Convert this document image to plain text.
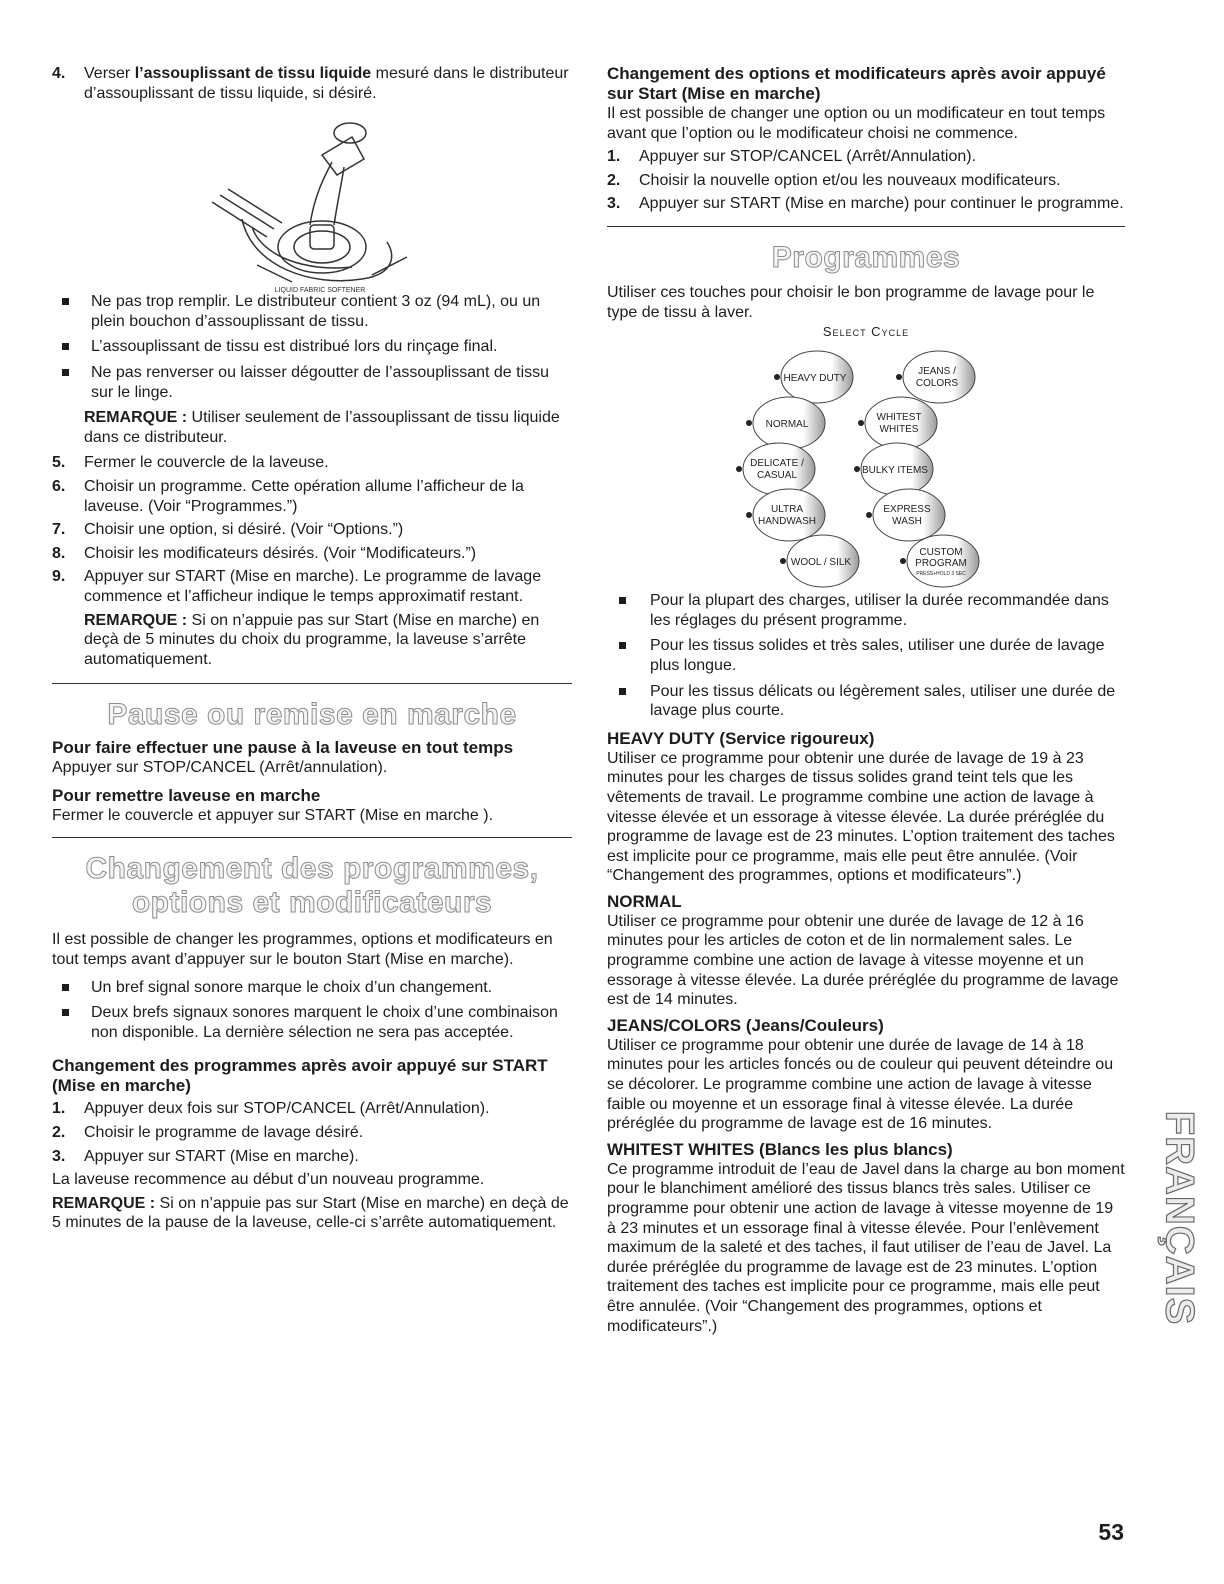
4.	Verser l’assouplissant de tissu liquide mesuré dans le distributeur d’assouplissant de tissu liquide, si désiré.
LIQUID FABRIC SOFTENER
Ne pas trop remplir. Le distributeur contient 3 oz (94 mL), ou un plein bouchon d’assouplissant de tissu.
L’assouplissant de tissu est distribué lors du rinçage final.
Ne pas renverser ou laisser dégoutter de l’assouplissant de tissu sur le linge.

REMARQUE : Utiliser seulement de l’assouplissant de tissu liquide dans ce distributeur.

5.	Fermer le couvercle de la laveuse.
6.	Choisir un programme. Cette opération allume l’afficheur de la laveuse. (Voir “Programmes.”)
7.	Choisir une option, si désiré. (Voir “Options.”)
8.	Choisir les modificateurs désirés. (Voir “Modificateurs.”)
9.	Appuyer sur START (Mise en marche). Le programme de lavage commence et l’afficheur indique le temps approximatif restant.

REMARQUE : Si on n’appuie pas sur Start (Mise en marche) en deçà de 5 minutes du choix du programme, la laveuse s’arrête automatiquement.

Pause ou remise en marche

Pour faire effectuer une pause à la laveuse en tout temps

Appuyer sur STOP/CANCEL (Arrêt/annulation).

Pour remettre laveuse en marche

Fermer le couvercle et appuyer sur START (Mise en marche ).

Changement des programmes,
options et modificateurs

Il est possible de changer les programmes, options et modificateurs en tout temps avant d’appuyer sur le bouton Start (Mise en marche).

Un bref signal sonore marque le choix d’un changement.
Deux brefs signaux sonores marquent le choix d’une combinaison non disponible. La dernière sélection ne sera pas acceptée.

Changement des programmes après avoir appuyé sur START (Mise en marche)

1.	Appuyer deux fois sur STOP/CANCEL (Arrêt/Annulation).
2.	Choisir le programme de lavage désiré.
3.	Appuyer sur START (Mise en marche).

La laveuse recommence au début d’un nouveau programme.

REMARQUE : Si on n’appuie pas sur Start (Mise en marche) en deçà de 5 minutes de la pause de la laveuse, celle-ci s’arrête automatiquement.

Changement des options et modificateurs après avoir appuyé sur Start (Mise en marche)

Il est possible de changer une option ou un modificateur en tout temps avant que l’option ou le modificateur choisi ne commence.

1.	Appuyer sur STOP/CANCEL (Arrêt/Annulation).
2.	Choisir la nouvelle option et/ou les nouveaux modificateurs.
3.	Appuyer sur START (Mise en marche) pour continuer le programme.
Programmes

Utiliser ces touches pour choisir le bon programme de lavage pour le type de tissu à laver.

Select Cycle

HEAVY DUTY
JEANS /
COLORS
NORMAL
WHITEST
WHITES
DELICATE /
CASUAL	BULKY ITEMS
ULTRA
HANDWASH
EXPRESS
WASH
WOOL / SILK
CUSTOM
PROGRAM
PRESS+HOLD 3 SEC
Pour la plupart des charges, utiliser la durée recommandée dans les réglages du présent programme.
Pour les tissus solides et très sales, utiliser une durée de lavage plus longue.
Pour les tissus délicats ou légèrement sales, utiliser une durée de lavage plus courte.

HEAVY DUTY (Service rigoureux)

Utiliser ce programme pour obtenir une durée de lavage de 19 à 23 minutes pour les charges de tissus solides grand teint tels que les vêtements de travail. Le programme combine une action de lavage à vitesse élevée et un essorage à vitesse élevée. La durée préréglée du programme de lavage est de 23 minutes. L’option traitement des taches est implicite pour ce programme, mais elle peut être annulée. (Voir “Changement des programmes, options et modificateurs”.)

NORMAL

Utiliser ce programme pour obtenir une durée de lavage de 12 à 16 minutes pour les articles de coton et de lin normalement sales. Le programme combine une action de lavage à vitesse moyenne et un essorage à vitesse élevée. La durée préréglée du programme de lavage est de 14 minutes.

JEANS/COLORS (Jeans/Couleurs)

Utiliser ce programme pour obtenir une durée de lavage de 14 à 18 minutes pour les articles foncés ou de couleur qui peuvent déteindre ou se décolorer. Le programme combine une action de lavage à vitesse faible ou moyenne et un essorage final à vitesse élevée. La durée préréglée du programme de lavage est de 16 minutes.

WHITEST WHITES (Blancs les plus blancs)

Ce programme introduit de l’eau de Javel dans la charge au bon moment pour le blanchiment amélioré des tissus blancs très sales. Utiliser ce programme pour obtenir une action de lavage à vitesse moyenne de 19 à 23 minutes et un essorage final à vitesse élevée. Pour l’enlèvement maximum de la saleté et des taches, il faut utiliser de l’eau de Javel. La durée préréglée du programme de lavage est de 23 minutes. L’option traitement des taches est implicite pour ce programme, mais elle peut être annulée. (Voir “Changement des programmes, options et modificateurs”.)

FRANÇAIS
53
